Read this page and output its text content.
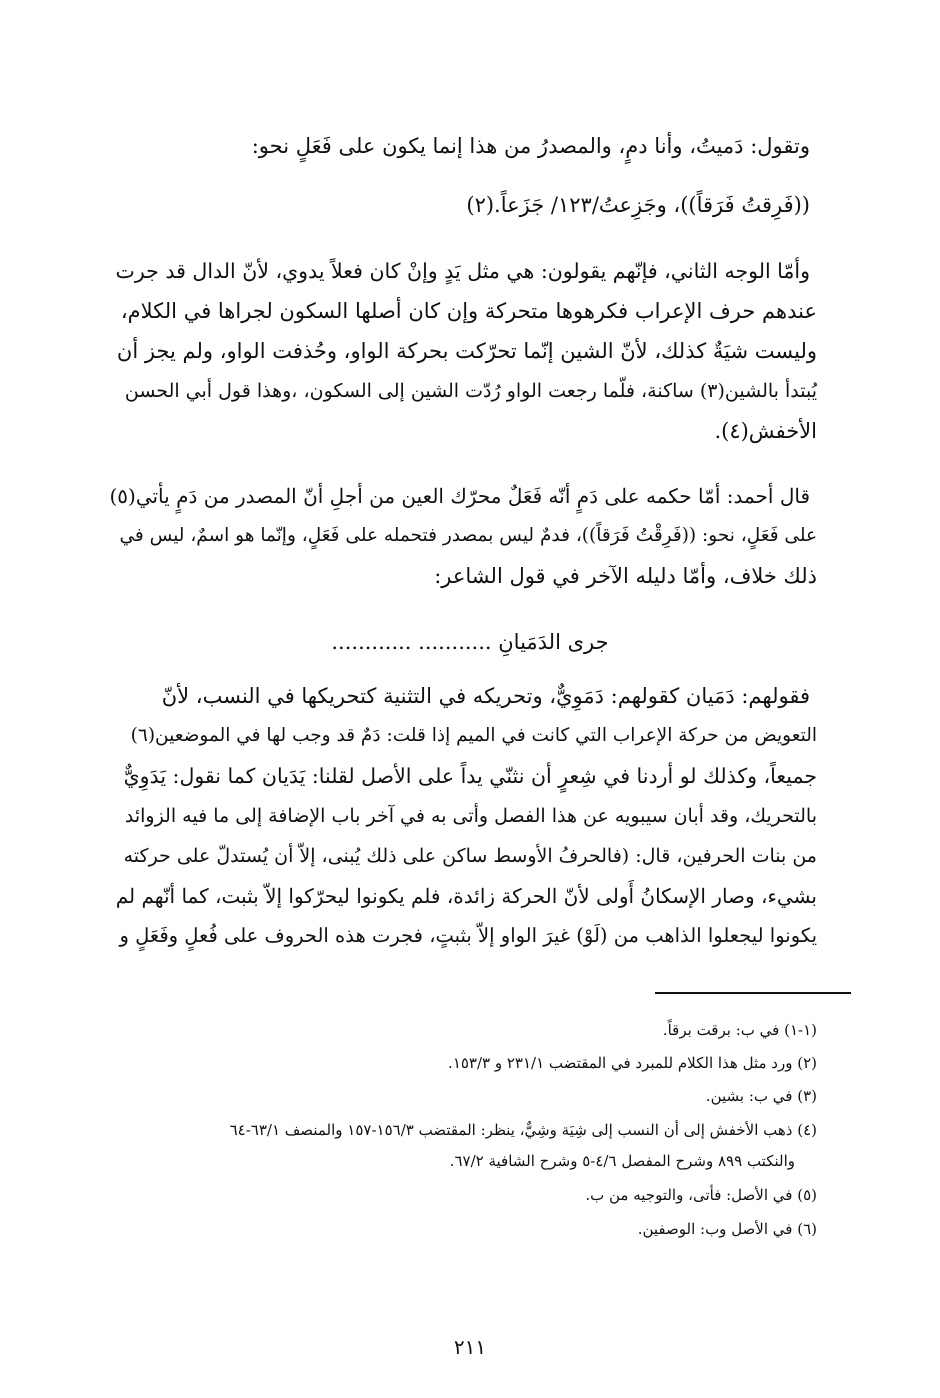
وتقول: دَميتُ، وأنا دمٍ، والمصدرُ من هذا إنما يكون على فَعَلٍ نحو:
((فَرِقتُ فَرَقاً))، وجَزِعتُ/١٢٣/ جَزَعاً.(٢)
وأمّا الوجه الثاني، فإنّهم يقولون: هي مثل يَدٍ وإنْ كان فعلاً يدوي، لأنّ الدال قد جرت
عندهم حرف الإعراب فكرهوها متحركة وإن كان أصلها السكون لجراها في الكلام،
وليست شيَةٌ كذلك، لأنّ الشين إنّما تحرّكت بحركة الواو، وحُذفت الواو، ولم يجز أن
يُبتدأ بالشين(٣) ساكنة، فلّما رجعت الواو رُدّت الشين إلى السكون، ،وهذا قول أبي الحسن
الأخفش(٤).
قال أحمد: أمّا حكمه على دَمٍ أنّه فَعَلٌ محرّك العين من أجلِ أنّ المصدر من دَمٍ يأتي(٥)
على فَعَلٍ، نحو: ((فَرِقْتُ فَرَقاً))، فدمٌ ليس بمصدر فتحمله على فَعَلٍ، وإنّما هو اسمٌ، ليس في
ذلك خلاف، وأمّا دليله الآخر في قول الشاعر:
جرى الدَمَيانِ ........... ............
فقولهم: دَمَيان كقولهم: دَمَوِيٌّ، وتحريكه في التثنية كتحريكها في النسب، لأنّ
التعويض من حركة الإعراب التي كانت في الميم إذا قلت: دَمٌ قد وجب لها في الموضعين(٦)
جميعاً، وكذلك لو أردنا في شِعرٍ أن نثنّي يداً على الأصل لقلنا: يَدَيان كما نقول: يَدَوِيٌّ
بالتحريك، وقد أبان سيبويه عن هذا الفصل وأتى به في آخر باب الإضافة إلى ما فيه الزوائد
من بنات الحرفين، قال: (فالحرفُ الأوسط ساكن على ذلك يُبنى، إلاّ أن يُستدلّ على حركته
بشيء، وصار الإسكانُ أَولى لأنّ الحركة زائدة، فلم يكونوا ليحرّكوا إلاّ بثبت، كما أنّهم لم
يكونوا ليجعلوا الذاهب من (لَوْ) غيرَ الواو إلاّ بثبتٍ، فجرت هذه الحروف على فُعلٍ وفَعَلٍ و
(١-١) في ب: برقت برقاً.
(٢) ورد مثل هذا الكلام للمبرد في المقتضب ٢٣١/١ و ١٥٣/٣.
(٣) في ب: بشين.
(٤) ذهب الأخفش إلى أن النسب إلى شِيَة وشِيٌّ، ينظر: المقتضب ١٥٦/٣-١٥٧ والمنصف ٦٣/١-٦٤
والنكتب ٨٩٩ وشرح المفصل ٤/٦-٥ وشرح الشافية ٦٧/٢.
(٥) في الأصل: فأتى، والتوجيه من ب.
(٦) في الأصل وب: الوصفين.
٢١١
